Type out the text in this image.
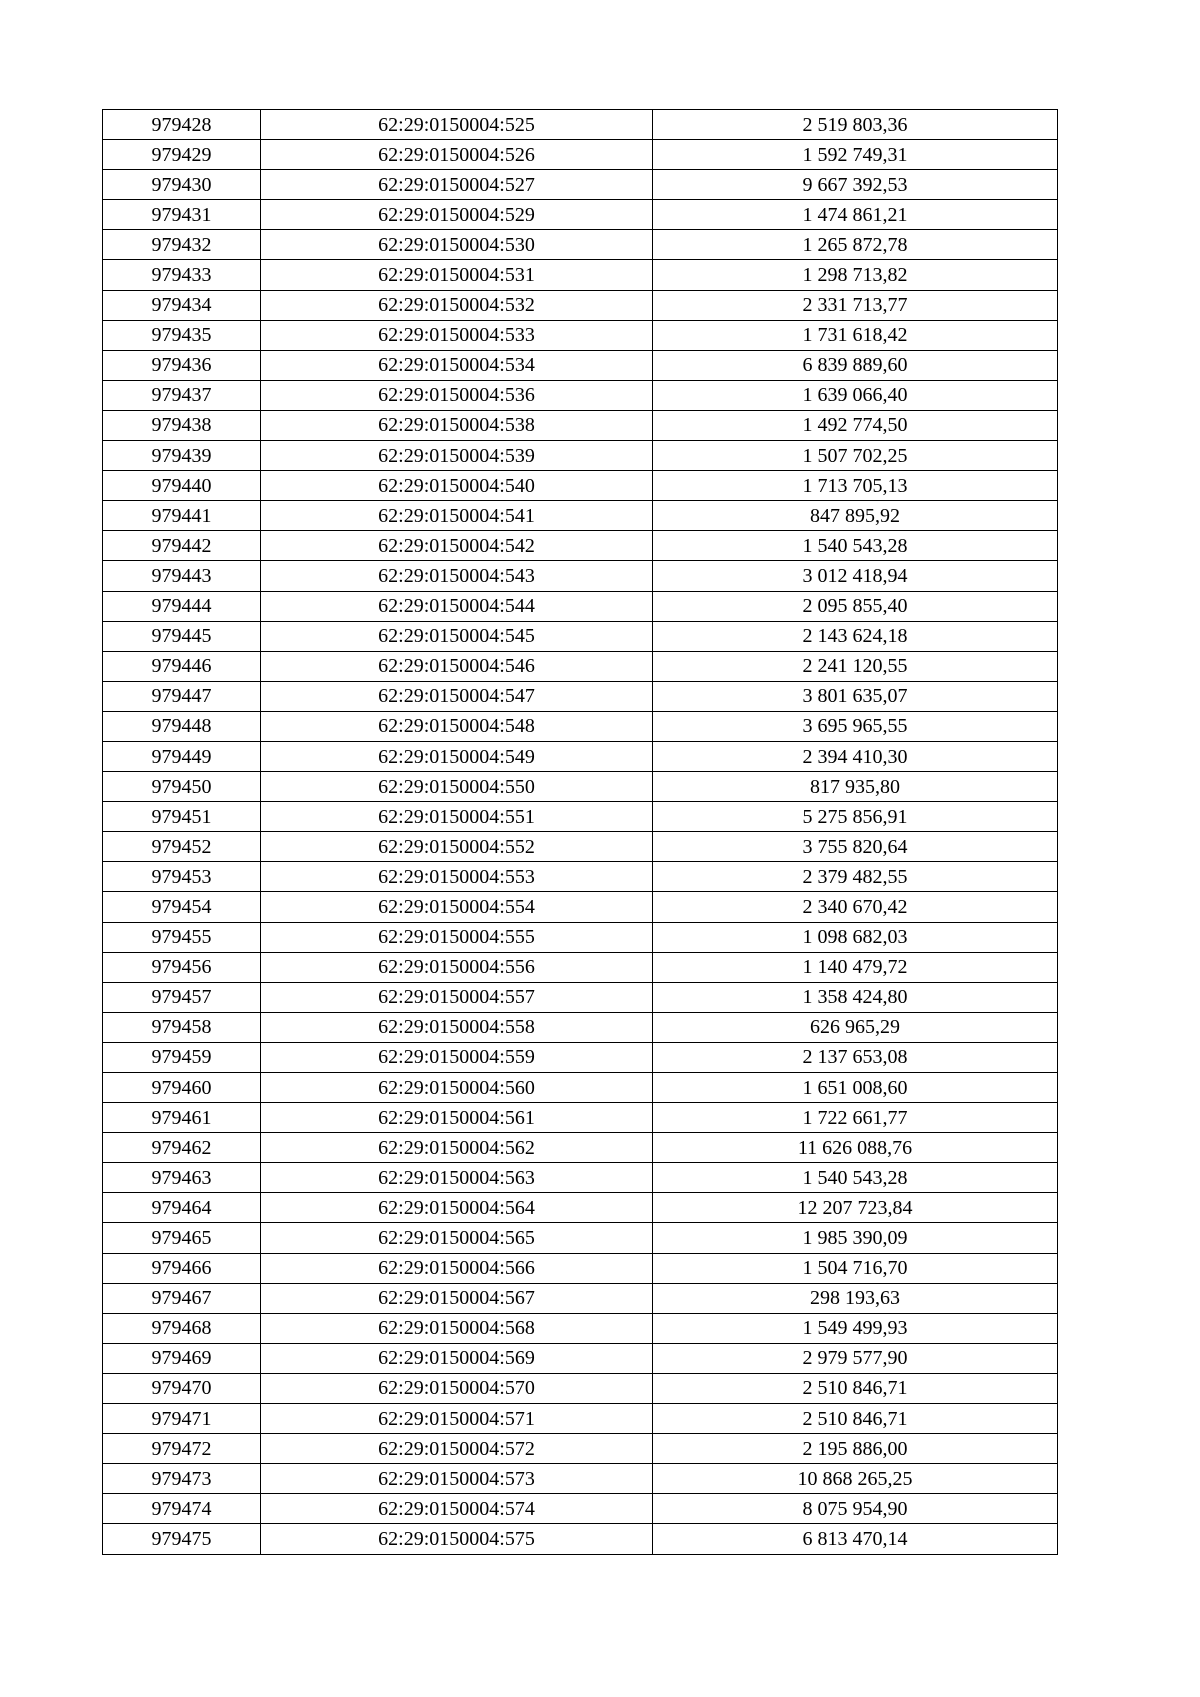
979428	62:29:0150004:525	2 519 803,36
979429	62:29:0150004:526	1 592 749,31
979430	62:29:0150004:527	9 667 392,53
979431	62:29:0150004:529	1 474 861,21
979432	62:29:0150004:530	1 265 872,78
979433	62:29:0150004:531	1 298 713,82
979434	62:29:0150004:532	2 331 713,77
979435	62:29:0150004:533	1 731 618,42
979436	62:29:0150004:534	6 839 889,60
979437	62:29:0150004:536	1 639 066,40
979438	62:29:0150004:538	1 492 774,50
979439	62:29:0150004:539	1 507 702,25
979440	62:29:0150004:540	1 713 705,13
979441	62:29:0150004:541	847 895,92
979442	62:29:0150004:542	1 540 543,28
979443	62:29:0150004:543	3 012 418,94
979444	62:29:0150004:544	2 095 855,40
979445	62:29:0150004:545	2 143 624,18
979446	62:29:0150004:546	2 241 120,55
979447	62:29:0150004:547	3 801 635,07
979448	62:29:0150004:548	3 695 965,55
979449	62:29:0150004:549	2 394 410,30
979450	62:29:0150004:550	817 935,80
979451	62:29:0150004:551	5 275 856,91
979452	62:29:0150004:552	3 755 820,64
979453	62:29:0150004:553	2 379 482,55
979454	62:29:0150004:554	2 340 670,42
979455	62:29:0150004:555	1 098 682,03
979456	62:29:0150004:556	1 140 479,72
979457	62:29:0150004:557	1 358 424,80
979458	62:29:0150004:558	626 965,29
979459	62:29:0150004:559	2 137 653,08
979460	62:29:0150004:560	1 651 008,60
979461	62:29:0150004:561	1 722 661,77
979462	62:29:0150004:562	11 626 088,76
979463	62:29:0150004:563	1 540 543,28
979464	62:29:0150004:564	12 207 723,84
979465	62:29:0150004:565	1 985 390,09
979466	62:29:0150004:566	1 504 716,70
979467	62:29:0150004:567	298 193,63
979468	62:29:0150004:568	1 549 499,93
979469	62:29:0150004:569	2 979 577,90
979470	62:29:0150004:570	2 510 846,71
979471	62:29:0150004:571	2 510 846,71
979472	62:29:0150004:572	2 195 886,00
979473	62:29:0150004:573	10 868 265,25
979474	62:29:0150004:574	8 075 954,90
979475	62:29:0150004:575	6 813 470,14
